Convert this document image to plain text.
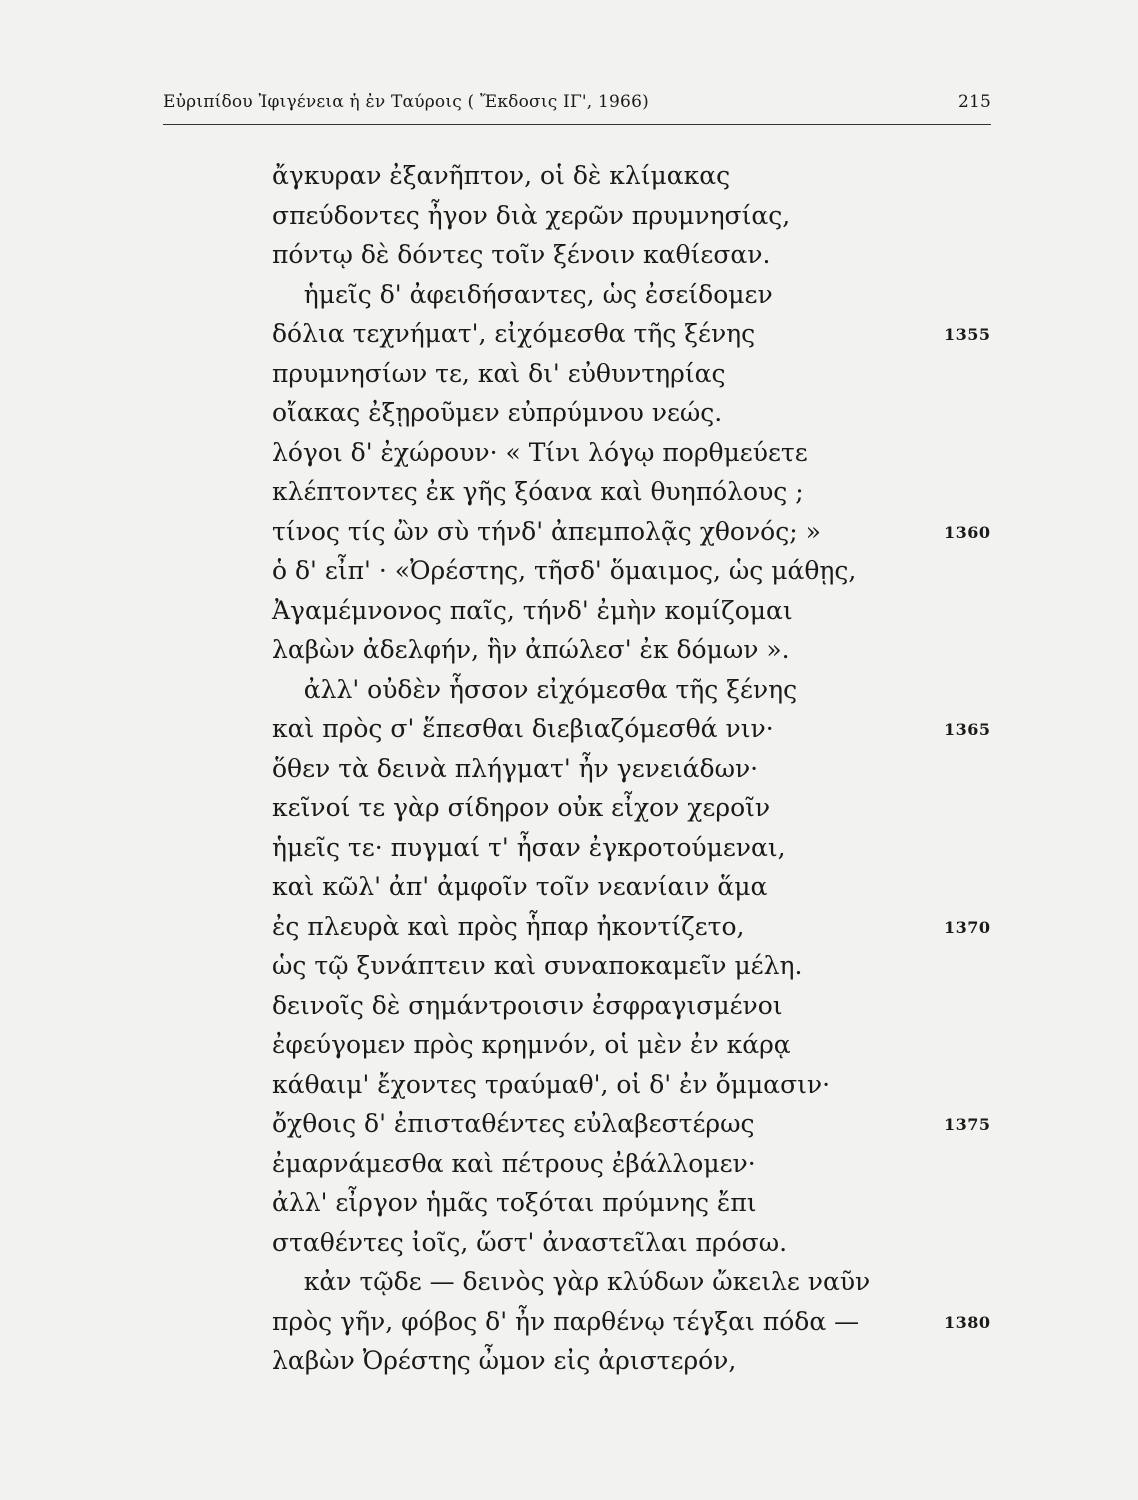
Εὐριπίδου Ἰφιγένεια ἡ ἐν Ταύροις ( Ἔκδοσις ΙΓ', 1966)	215
ἄγκυραν ἐξανῆπτον, οἱ δὲ κλίμακας
σπεύδοντες ἦγον διὰ χερῶν πρυμνησίας,
πόντῳ δὲ δόντες τοῖν ξένοιν καθίεσαν.
ἡμεῖς δ' ἀφειδήσαντες, ὡς ἐσείδομεν
δόλια τεχνήματ', εἰχόμεσθα τῆς ξένης	1355
πρυμνησίων τε, καὶ δι' εὐθυντηρίας
οἴακας ἐξῃροῦμεν εὐπρύμνου νεώς.
λόγοι δ' ἐχώρουν· « Τίνι λόγῳ πορθμεύετε
κλέπτοντες ἐκ γῆς ξόανα καὶ θυηπόλους ;
τίνος τίς ὢν σὺ τήνδ' ἀπεμπολᾷς χθονός; »	1360
ὁ δ' εἶπ' · «Ὀρέστης, τῆσδ' ὅμαιμος, ὡς μάθῃς,
Ἀγαμέμνονος παῖς, τήνδ' ἐμὴν κομίζομαι
λαβὼν ἀδελφήν, ἣν ἀπώλεσ' ἐκ δόμων ».
ἀλλ' οὐδὲν ἧσσον εἰχόμεσθα τῆς ξένης
καὶ πρὸς σ' ἕπεσθαι διεβιαζόμεσθά νιν·	1365
ὅθεν τὰ δεινὰ πλήγματ' ἦν γενειάδων·
κεῖνοί τε γὰρ σίδηρον οὐκ εἶχον χεροῖν
ἡμεῖς τε· πυγμαί τ' ἦσαν ἐγκροτούμεναι,
καὶ κῶλ' ἀπ' ἀμφοῖν τοῖν νεανίαιν ἅμα
ἐς πλευρὰ καὶ πρὸς ἧπαρ ἠκοντίζετο,	1370
ὡς τῷ ξυνάπτειν καὶ συναποκαμεῖν μέλη.
δεινοῖς δὲ σημάντροισιν ἐσφραγισμένοι
ἐφεύγομεν πρὸς κρημνόν, οἱ μὲν ἐν κάρᾳ
κάθαιμ' ἔχοντες τραύμαθ', οἱ δ' ἐν ὄμμασιν·
ὄχθοις δ' ἐπισταθέντες εὐλαβεστέρως	1375
ἐμαρνάμεσθα καὶ πέτρους ἐβάλλομεν·
ἀλλ' εἶργον ἡμᾶς τοξόται πρύμνης ἔπι
σταθέντες ἰοῖς, ὥστ' ἀναστεῖλαι πρόσω.
κἀν τῷδε — δεινὸς γὰρ κλύδων ὤκειλε ναῦν
πρὸς γῆν, φόβος δ' ἦν παρθένῳ τέγξαι πόδα —	1380
λαβὼν Ὀρέστης ὦμον εἰς ἀριστερόν,
